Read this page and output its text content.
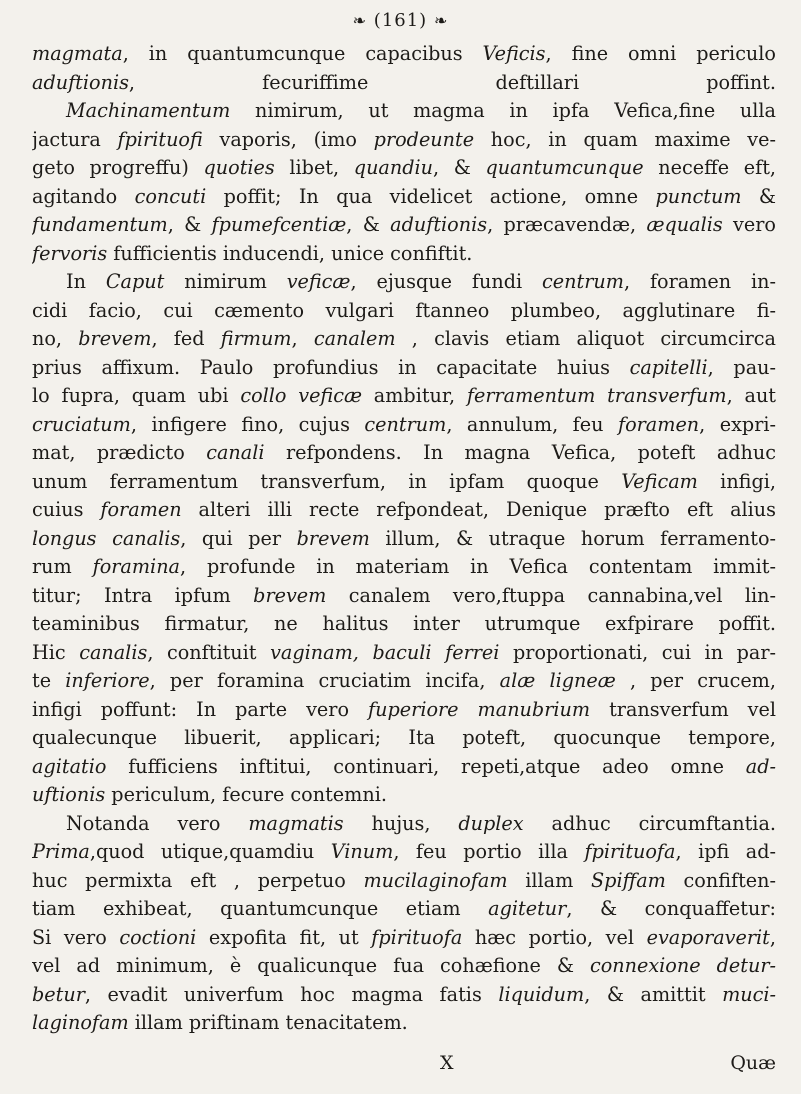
❧ (161) ❧
magmata, in quantumcunque capacibus Veficis, fine omni periculo
aduftionis, fecuriffime deftillari poffint.
Machinamentum nimirum, ut magma in ipfa Vefica,fine ulla
jactura fpirituofi vaporis, (imo prodeunte hoc, in quam maxime ve-
geto progreffu) quoties libet, quandiu, & quantumcunque neceffe eft,
agitando concuti poffit; In qua videlicet actione, omne punctum &
fundamentum, & fpumefcentiæ, & aduftionis, præcavendæ, æqualis vero
fervoris fufficientis inducendi, unice confiftit.
In Caput nimirum veficæ, ejusque fundi centrum, foramen in-
cidi facio, cui cæmento vulgari ftanneo plumbeo, agglutinare fi-
no, brevem, fed firmum, canalem , clavis etiam aliquot circumcirca
prius affixum. Paulo profundius in capacitate huius capitelli, pau-
lo fupra, quam ubi collo veficæ ambitur, ferramentum transverfum, aut
cruciatum, infigere fino, cujus centrum, annulum, feu foramen, expri-
mat, prædicto canali refpondens. In magna Vefica, poteft adhuc
unum ferramentum transverfum, in ipfam quoque Veficam infigi,
cuius foramen alteri illi recte refpondeat, Denique præfto eft alius
longus canalis, qui per brevem illum, & utraque horum ferramento-
rum foramina, profunde in materiam in Vefica contentam immit-
titur; Intra ipfum brevem canalem vero,ftuppa cannabina,vel lin-
teaminibus firmatur, ne halitus inter utrumque exfpirare poffit.
Hic canalis, conftituit vaginam, baculi ferrei proportionati, cui in par-
te inferiore, per foramina cruciatim incifa, alæ ligneæ , per crucem,
infigi poffunt: In parte vero fuperiore manubrium transverfum vel
qualecunque libuerit, applicari; Ita poteft, quocunque tempore,
agitatio fufficiens inftitui, continuari, repeti,atque adeo omne ad-
uftionis periculum, fecure contemni.
Notanda vero magmatis hujus, duplex adhuc circumftantia.
Prima,quod utique,quamdiu Vinum, feu portio illa fpirituofa, ipfi ad-
huc permixta eft , perpetuo mucilaginofam illam Spiffam confiften-
tiam exhibeat, quantumcunque etiam agitetur, & conquaffetur:
Si vero coctioni expofita fit, ut fpirituofa hæc portio, vel evaporaverit,
vel ad minimum, è qualicunque fua cohæfione & connexione detur-
betur, evadit univerfum hoc magma fatis liquidum, & amittit muci-
laginofam illam priftinam tenacitatem.
X	Quæ
